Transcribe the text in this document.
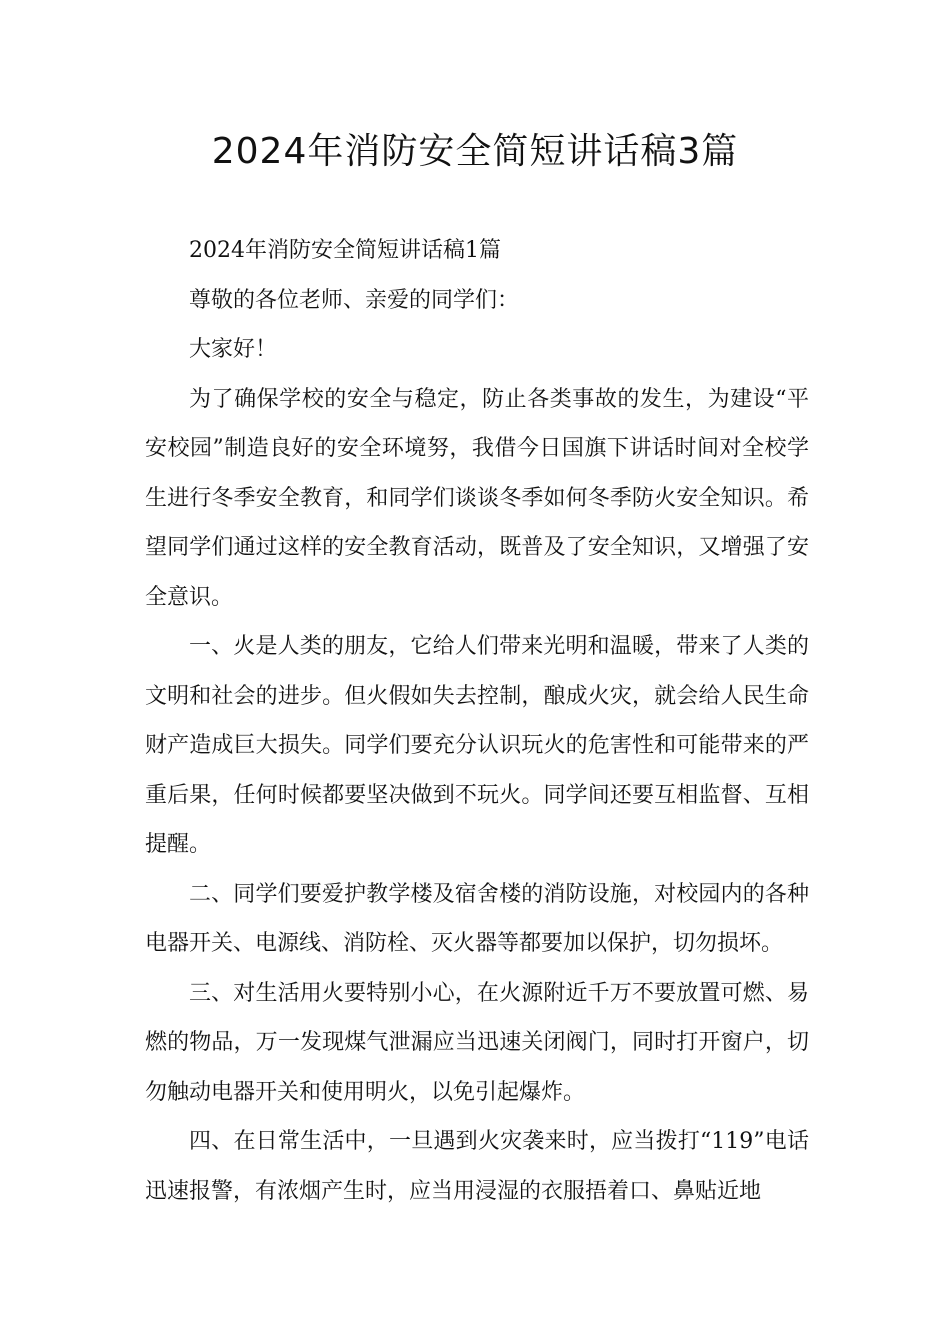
2024年消防安全简短讲话稿3篇

2024年消防安全简短讲话稿1篇

尊敬的各位老师、亲爱的同学们：

大家好！

为了确保学校的安全与稳定，防止各类事故的发生，为建设“平安校园”制造良好的安全环境努，我借今日国旗下讲话时间对全校学生进行冬季安全教育，和同学们谈谈冬季如何冬季防火安全知识。希望同学们通过这样的安全教育活动，既普及了安全知识，又增强了安全意识。

一、火是人类的朋友，它给人们带来光明和温暖，带来了人类的文明和社会的进步。但火假如失去控制，酿成火灾，就会给人民生命财产造成巨大损失。同学们要充分认识玩火的危害性和可能带来的严重后果，任何时候都要坚决做到不玩火。同学间还要互相监督、互相提醒。

二、同学们要爱护教学楼及宿舍楼的消防设施，对校园内的各种电器开关、电源线、消防栓、灭火器等都要加以保护，切勿损坏。

三、对生活用火要特别小心，在火源附近千万不要放置可燃、易燃的物品，万一发现煤气泄漏应当迅速关闭阀门，同时打开窗户，切勿触动电器开关和使用明火，以免引起爆炸。

四、在日常生活中，一旦遇到火灾袭来时，应当拨打“119”电话迅速报警，有浓烟产生时，应当用浸湿的衣服捂着口、鼻贴近地
